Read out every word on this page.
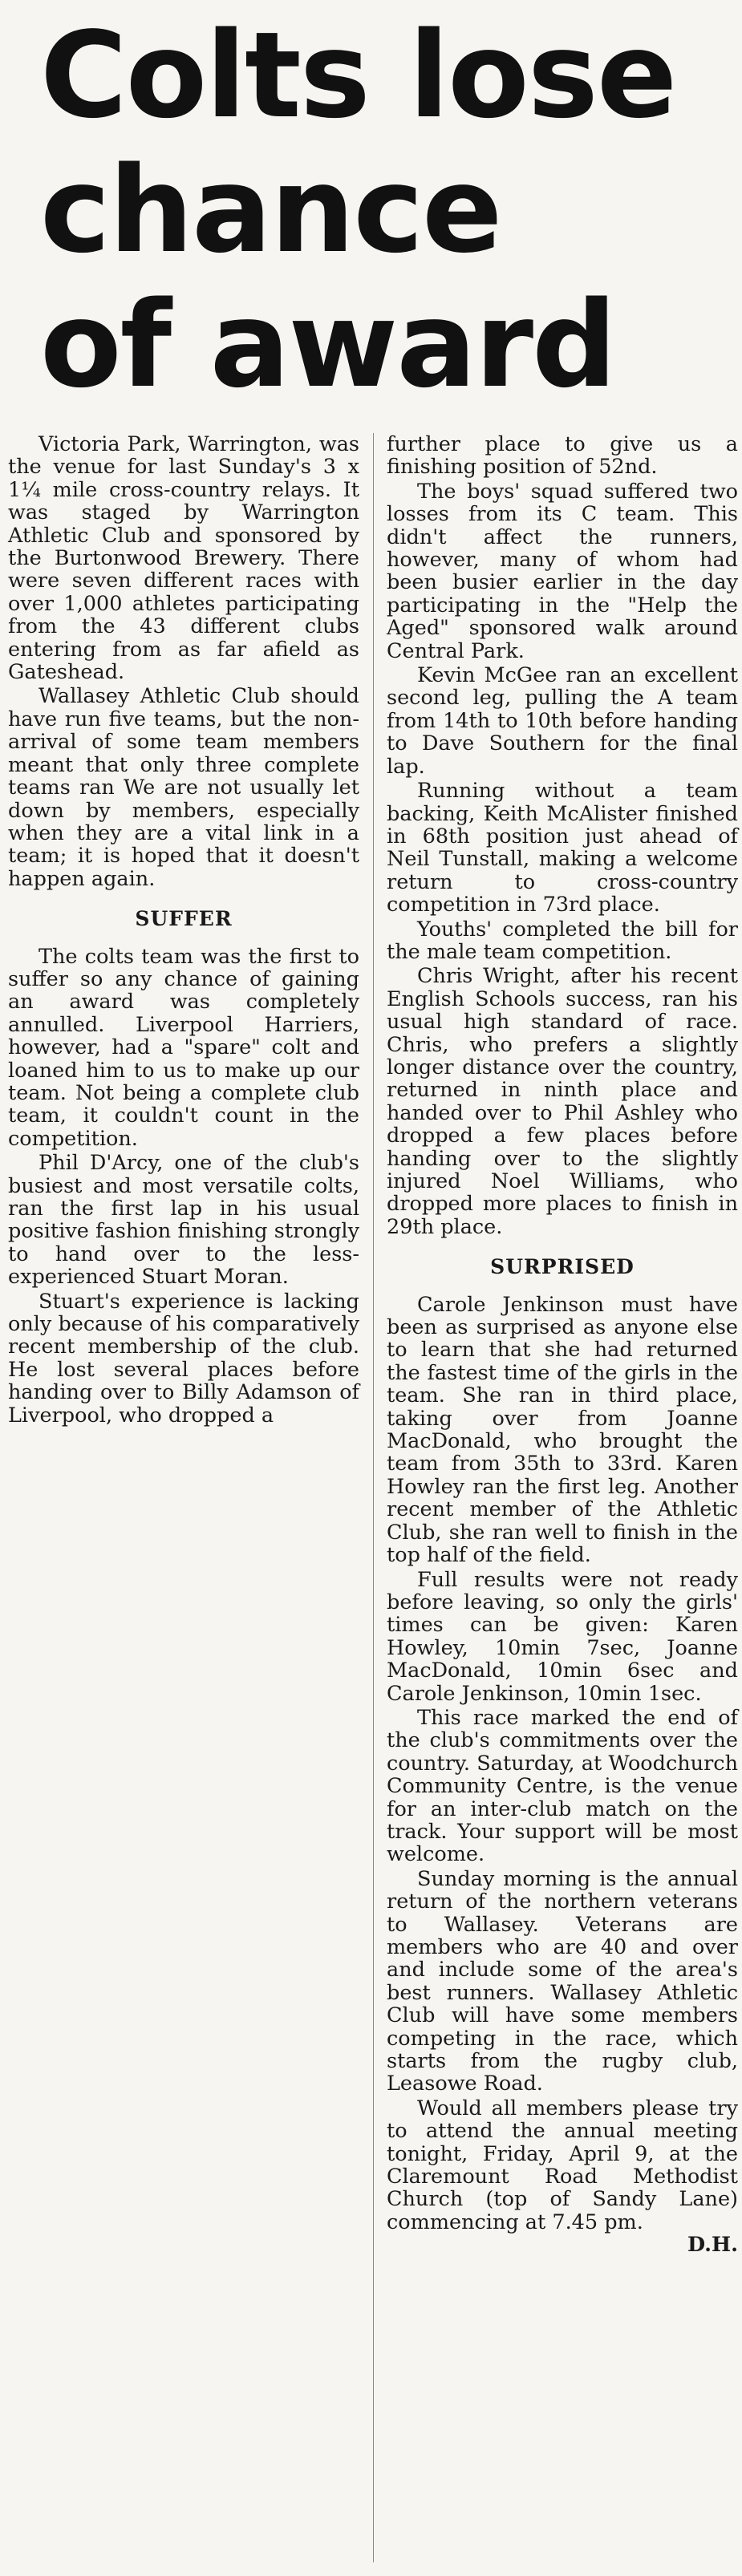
Colts lose
chance
of award

Victoria Park, Warrington, was the venue for last Sunday's 3 x 1¼ mile cross-country relays. It was staged by Warrington Athletic Club and sponsored by the Burtonwood Brewery. There were seven different races with over 1,000 athletes participating from the 43 different clubs entering from as far afield as Gateshead.

Wallasey Athletic Club should have run five teams, but the non-arrival of some team members meant that only three complete teams ran We are not usually let down by members, especially when they are a vital link in a team; it is hoped that it doesn't happen again.

SUFFER

The colts team was the first to suffer so any chance of gaining an award was completely annulled. Liverpool Harriers, however, had a "spare" colt and loaned him to us to make up our team. Not being a complete club team, it couldn't count in the competition.

Phil D'Arcy, one of the club's busiest and most versatile colts, ran the first lap in his usual positive fashion finishing strongly to hand over to the less-experienced Stuart Moran.

Stuart's experience is lacking only because of his comparatively recent membership of the club. He lost several places before handing over to Billy Adamson of Liverpool, who dropped a

further place to give us a finishing position of 52nd.

The boys' squad suffered two losses from its C team. This didn't affect the runners, however, many of whom had been busier earlier in the day participating in the "Help the Aged" sponsored walk around Central Park.

Kevin McGee ran an excellent second leg, pulling the A team from 14th to 10th before handing to Dave Southern for the final lap.

Running without a team backing, Keith McAlister finished in 68th position just ahead of Neil Tunstall, making a welcome return to cross-country competition in 73rd place.

Youths' completed the bill for the male team competition.

Chris Wright, after his recent English Schools success, ran his usual high standard of race. Chris, who prefers a slightly longer distance over the country, returned in ninth place and handed over to Phil Ashley who dropped a few places before handing over to the slightly injured Noel Williams, who dropped more places to finish in 29th place.

SURPRISED

Carole Jenkinson must have been as surprised as anyone else to learn that she had returned the fastest time of the girls in the team. She ran in third place, taking over from Joanne MacDonald, who brought the team from 35th to 33rd. Karen Howley ran the first leg. Another recent member of the Athletic Club, she ran well to finish in the top half of the field.

Full results were not ready before leaving, so only the girls' times can be given: Karen Howley, 10min 7sec, Joanne MacDonald, 10min 6sec and Carole Jenkinson, 10min 1sec.

This race marked the end of the club's commitments over the country. Saturday, at Woodchurch Community Centre, is the venue for an inter-club match on the track. Your support will be most welcome.

Sunday morning is the annual return of the northern veterans to Wallasey. Veterans are members who are 40 and over and include some of the area's best runners. Wallasey Athletic Club will have some members competing in the race, which starts from the rugby club, Leasowe Road.

Would all members please try to attend the annual meeting tonight, Friday, April 9, at the Claremount Road Methodist Church (top of Sandy Lane) commencing at 7.45 pm.

D.H.
